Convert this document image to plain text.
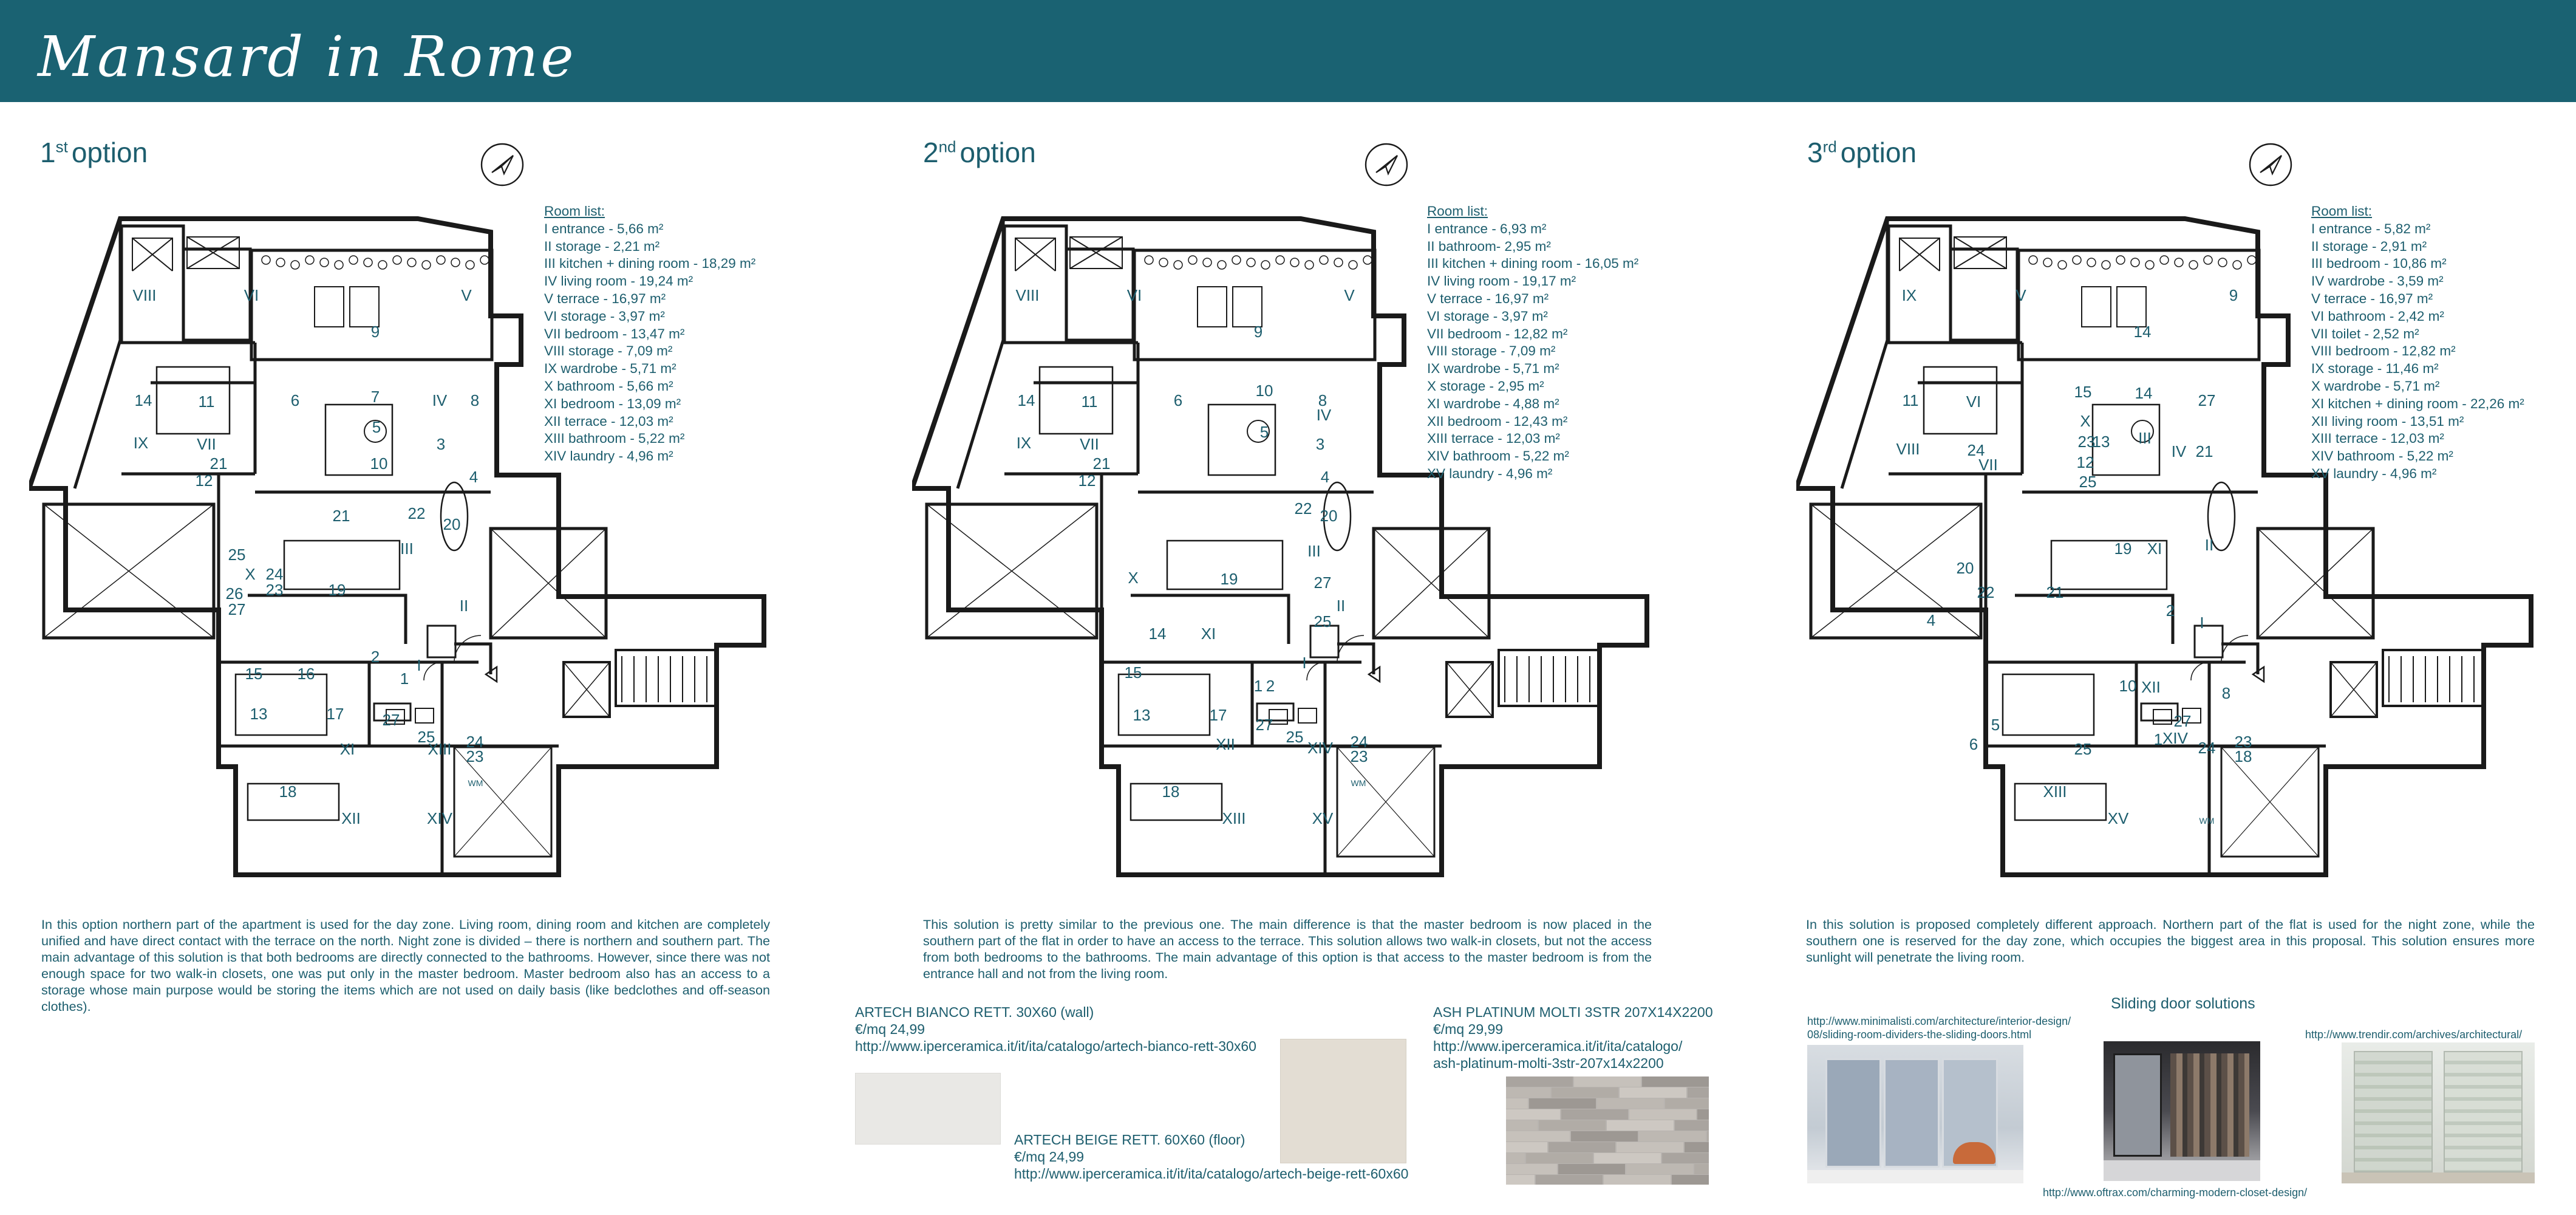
Mansard in Rome
1st option
VIII	VI	V
9
14	11	6	7	IV 8
IX	VII
21
5
3
12
10
4
21	22
20
25	III
24
X
19
23
26
27	II
15 16
2 I
13	17
1
XI
27
25
XIII 24
23
18
XII	XIV
WM
Room list:
I entrance - 5,66 m²
II storage - 2,21 m²
III kitchen + dining room - 18,29 m²
IV living room - 19,24 m²
V terrace - 16,97 m²
VI storage - 3,97 m²
VII bedroom - 13,47 m²
VIII storage - 7,09 m²
IX wardrobe - 5,71 m²
X bathroom - 5,66 m²
XI bedroom - 13,09 m²
XII terrace - 12,03 m²
XIII bathroom - 5,22 m²
XIV laundry - 4,96 m²
In this option northern part of the apartment is used for the day zone. Living room, dining room and kitchen are completely unified and have direct contact with the terrace on the north. Night zone is divided – there is northern and southern part. The main advantage of this solution is that both bedrooms are directly connected to the bathrooms. However, since there was not enough space for two walk-in closets, one was put only in the master bedroom. Master bedroom also has an access to a storage whose main purpose would be storing the items which are not used on daily basis (like bedclothes and off-season clothes).
2nd option
VIII	VI	V
9
14	11	6
10
8
IV
5
3
IX	VII
21
4
12
22 20
X	19
III
27
II
25
14 XI
15
I
13	17
1 2
27
XII	25
XIV 24
23
18
XIII	XV
WM
Room list:
I entrance - 6,93 m²
II bathroom- 2,95 m²
III kitchen + dining room - 16,05 m²
IV living room - 19,17 m²
V terrace - 16,97 m²
VI storage - 3,97 m²
VII bedroom - 12,82 m²
VIII storage - 7,09 m²
IX wardrobe - 5,71 m²
X storage - 2,95 m²
XI wardrobe - 4,88 m²
XII bedroom - 12,43 m²
XIII terrace - 12,03 m²
XIV bathroom - 5,22 m²
XV laundry - 4,96 m²
This solution is pretty similar to the previous one. The main difference is that the master bedroom is now placed in the southern part of the flat in order to have an access to the terrace. This solution allows two walk-in closets, but not the access from both bedrooms to the bathrooms. The main advantage of this option is that access to the master bedroom is from the entrance hall and not from the living room.
3rd option
IX	V	9
14
11	VI
15	14	27
X
VIII	24	23
13 III
IV 21
VII	12
25
II
19 XI
20
22	21
4
2
I
10 XII	8
5	27
1
6	25
XIV
24 23
18
XIII
XV	WM
Room list:
I entrance - 5,82 m²
II storage - 2,91 m²
III bedroom - 10,86 m²
IV wardrobe - 3,59 m²
V terrace - 16,97 m²
VI bathroom - 2,42 m²
VII toilet - 2,52 m²
VIII bedroom - 12,82 m²
IX storage - 11,46 m²
X wardrobe - 5,71 m²
XI kitchen + dining room - 22,26 m²
XII living room - 13,51 m²
XIII terrace - 12,03 m²
XIV bathroom - 5,22 m²
XV laundry - 4,96 m²
In this solution is proposed completely different approach. Northern part of the flat is used for the night zone, while the southern one is reserved for the day zone, which occupies the biggest area in this proposal. This solution ensures more sunlight will penetrate the living room.
ARTECH BIANCO RETT. 30X60 (wall)
€/mq 24,99
http://www.iperceramica.it/it/ita/catalogo/artech-bianco-rett-30x60
ARTECH BEIGE RETT. 60X60 (floor)
€/mq 24,99
http://www.iperceramica.it/it/ita/catalogo/artech-beige-rett-60x60
ASH PLATINUM MOLTI 3STR 207X14X2200
€/mq 29,99
http://www.iperceramica.it/it/ita/catalogo/
ash-platinum-molti-3str-207x14x2200
Sliding door solutions
http://www.minimalisti.com/architecture/interior-design/
08/sliding-room-dividers-the-sliding-doors.html	http://www.trendir.com/archives/architectural/
http://www.oftrax.com/charming-modern-closet-design/
